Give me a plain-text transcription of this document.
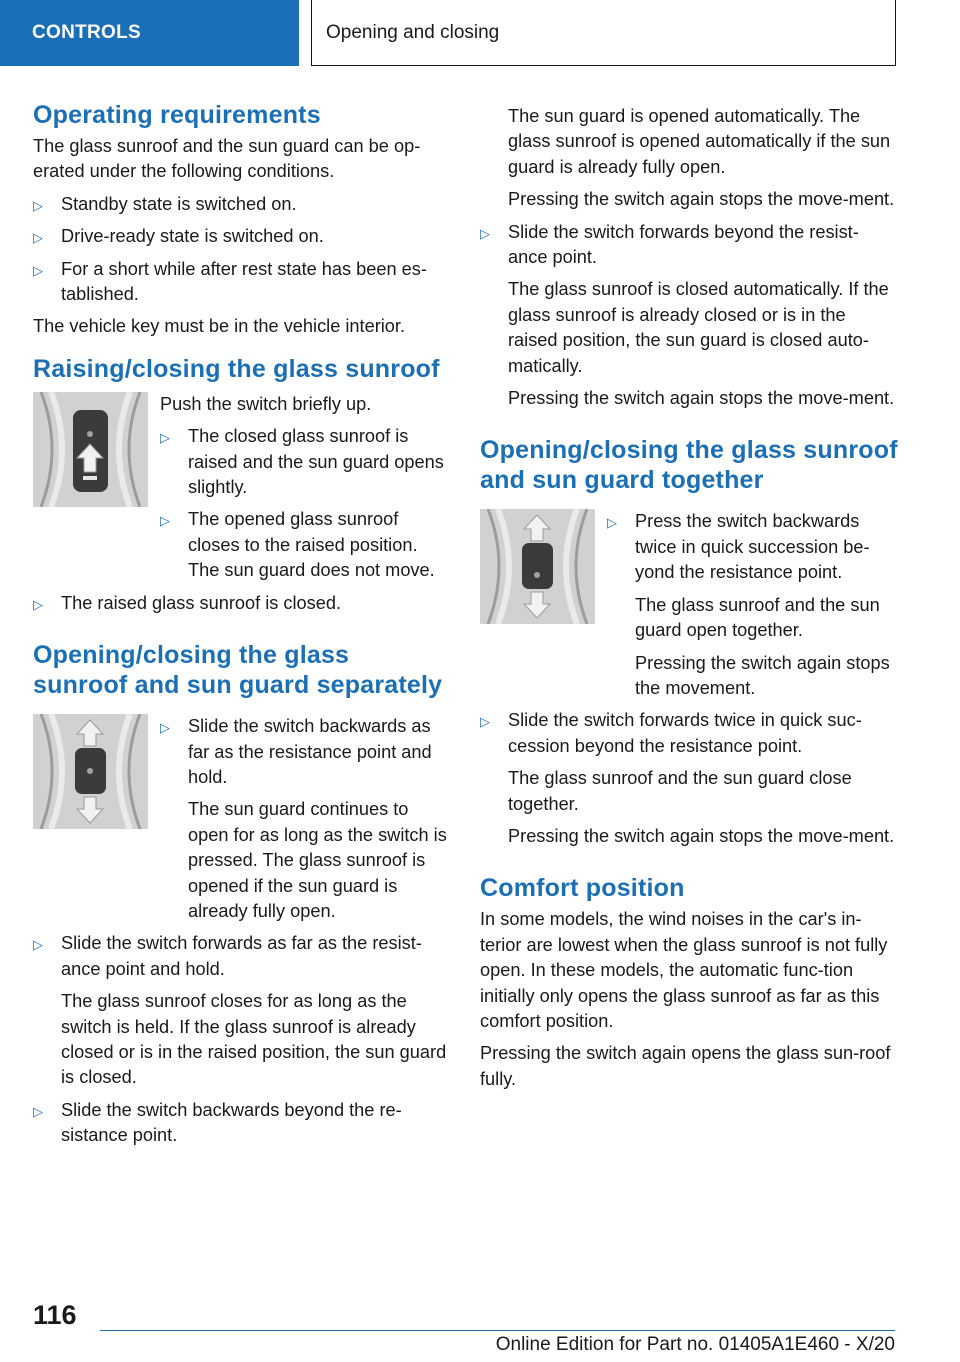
CONTROLS	Opening and closing
Operating requirements

The glass sunroof and the sun guard can be op-erated under the following conditions.

▷ Standby state is switched on.
▷ Drive-ready state is switched on.
▷ For a short while after rest state has been es-tablished.

The vehicle key must be in the vehicle interior.

Raising/closing the glass sunroof

Push the switch briefly up.

▷ The closed glass sunroof is raised and the sun guard opens slightly.
▷ The opened glass sunroof closes to the raised position. The sun guard does not move.
▷ The raised glass sunroof is closed.
Opening/closing the glass sunroof and sun guard separately
▷ Slide the switch backwards as far as the resistance point and hold.

The sun guard continues to open for as long as the switch is pressed. The glass sunroof is opened if the sun guard is already fully open.

▷ Slide the switch forwards as far as the resist-ance point and hold.

The glass sunroof closes for as long as the switch is held. If the glass sunroof is already closed or is in the raised position, the sun guard is closed.

▷ Slide the switch backwards beyond the re-sistance point.

The sun guard is opened automatically. The glass sunroof is opened automatically if the sun guard is already fully open.

Pressing the switch again stops the move-ment.

▷ Slide the switch forwards beyond the resist-ance point.

The glass sunroof is closed automatically. If the glass sunroof is already closed or is in the raised position, the sun guard is closed auto-matically.

Pressing the switch again stops the move-ment.

Opening/closing the glass sunroof and sun guard together
▷ Press the switch backwards twice in quick succession be-yond the resistance point.

The glass sunroof and the sun guard open together.

Pressing the switch again stops the movement.

▷ Slide the switch forwards twice in quick suc-cession beyond the resistance point.

The glass sunroof and the sun guard close together.

Pressing the switch again stops the move-ment.

Comfort position

In some models, the wind noises in the car's in-terior are lowest when the glass sunroof is not fully open. In these models, the automatic func-tion initially only opens the glass sunroof as far as this comfort position.

Pressing the switch again opens the glass sun-roof fully.

116
Online Edition for Part no. 01405A1E460 - X/20
